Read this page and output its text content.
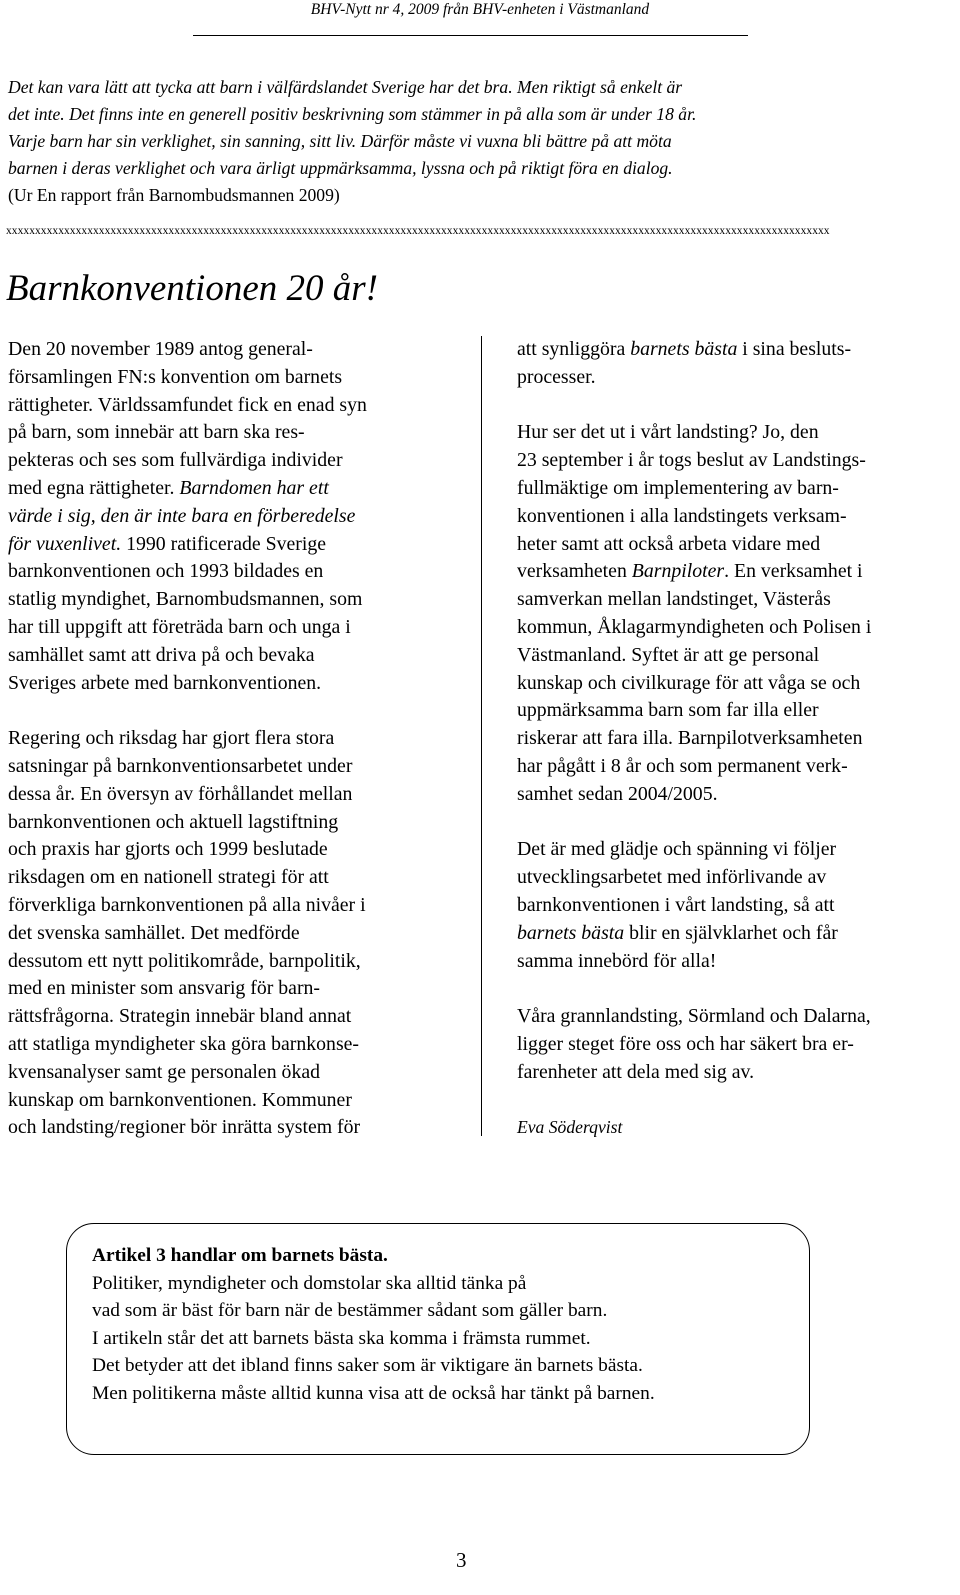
BHV-Nytt nr 4, 2009 från BHV-enheten i Västmanland
Det kan vara lätt att tycka att barn i välfärdslandet Sverige har det bra. Men riktigt så enkelt är
det inte. Det finns inte en generell positiv beskrivning som stämmer in på alla som är under 18 år.
Varje barn har sin verklighet, sin sanning, sitt liv. Därför måste vi vuxna bli bättre på att möta
barnen i deras verklighet och vara ärligt uppmärksamma, lyssna och på riktigt föra en dialog.
(Ur En rapport från Barnombudsmannen 2009)
xxxxxxxxxxxxxxxxxxxxxxxxxxxxxxxxxxxxxxxxxxxxxxxxxxxxxxxxxxxxxxxxxxxxxxxxxxxxxxxxxxxxxxxxxxxxxxxxxxxxxxxxxxxxxxxxxxxxxxxxxxxxxxxxxxxxxxxxxxxxxx
Barnkonventionen 20 år!

Den 20 november 1989 antog general-
församlingen FN:s konvention om barnets
rättigheter. Världssamfundet fick en enad syn
på barn, som innebär att barn ska res-
pekteras och ses som fullvärdiga individer
med egna rättigheter. Barndomen har ett
värde i sig, den är inte bara en förberedelse
för vuxenlivet. 1990 ratificerade Sverige
barnkonventionen och 1993 bildades en
statlig myndighet, Barnombudsmannen, som
har till uppgift att företräda barn och unga i
samhället samt att driva på och bevaka
Sveriges arbete med barnkonventionen.

Regering och riksdag har gjort flera stora
satsningar på barnkonventionsarbetet under
dessa år. En översyn av förhållandet mellan
barnkonventionen och aktuell lagstiftning
och praxis har gjorts och 1999 beslutade
riksdagen om en nationell strategi för att
förverkliga barnkonventionen på alla nivåer i
det svenska samhället. Det medförde
dessutom ett nytt politikområde, barnpolitik,
med en minister som ansvarig för barn-
rättsfrågorna. Strategin innebär bland annat
att statliga myndigheter ska göra barnkonse-
kvensanalyser samt ge personalen ökad
kunskap om barnkonventionen. Kommuner
och landsting/regioner bör inrätta system för

att synliggöra barnets bästa i sina besluts-
processer.

Hur ser det ut i vårt landsting? Jo, den
23 september i år togs beslut av Landstings-
fullmäktige om implementering av barn-
konventionen i alla landstingets verksam-
heter samt att också arbeta vidare med
verksamheten Barnpiloter. En verksamhet i
samverkan mellan landstinget, Västerås
kommun, Åklagarmyndigheten och Polisen i
Västmanland. Syftet är att ge personal
kunskap och civilkurage för att våga se och
uppmärksamma barn som far illa eller
riskerar att fara illa. Barnpilotverksamheten
har pågått i 8 år och som permanent verk-
samhet sedan 2004/2005.

Det är med glädje och spänning vi följer
utvecklingsarbetet med införlivande av
barnkonventionen i vårt landsting, så att
barnets bästa blir en självklarhet och får
samma innebörd för alla!

Våra grannlandsting, Sörmland och Dalarna,
ligger steget före oss och har säkert bra er-
farenheter att dela med sig av.

Eva Söderqvist

Artikel 3 handlar om barnets bästa.
Politiker, myndigheter och domstolar ska alltid tänka på
vad som är bäst för barn när de bestämmer sådant som gäller barn.
I artikeln står det att barnets bästa ska komma i främsta rummet.
Det betyder att det ibland finns saker som är viktigare än barnets bästa.
Men politikerna måste alltid kunna visa att de också har tänkt på barnen.
3
